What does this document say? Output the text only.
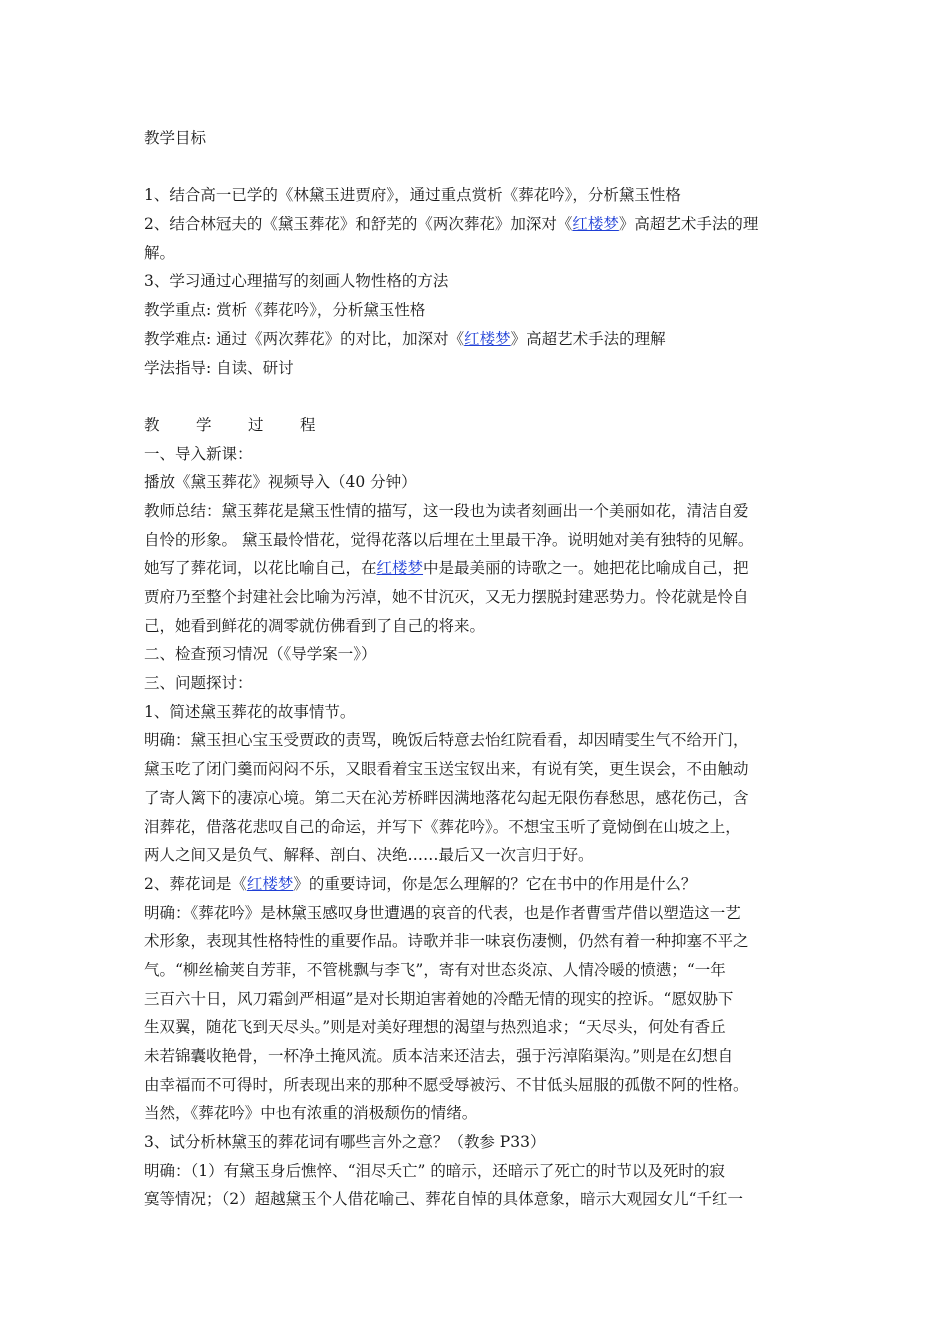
教学目标
1、结合高一已学的《林黛玉进贾府》，通过重点赏析《葬花吟》，分析黛玉性格
2、结合林冠夫的《黛玉葬花》和舒芜的《两次葬花》加深对《红楼梦》高超艺术手法的理
解。
3、学习通过心理描写的刻画人物性格的方法
教学重点: 赏析《葬花吟》，分析黛玉性格
教学难点: 通过《两次葬花》的对比，加深对《红楼梦》高超艺术手法的理解
学法指导: 自读、研讨
教 学 过 程
一、导入新课：
播放《黛玉葬花》视频导入（40 分钟）
教师总结：黛玉葬花是黛玉性情的描写，这一段也为读者刻画出一个美丽如花，清洁自爱
自怜的形象。 黛玉最怜惜花，觉得花落以后埋在土里最干净。说明她对美有独特的见解。
她写了葬花词，以花比喻自己，在红楼梦中是最美丽的诗歌之一。她把花比喻成自己，把
贾府乃至整个封建社会比喻为污淖，她不甘沉灭，又无力摆脱封建恶势力。怜花就是怜自
己，她看到鲜花的凋零就仿佛看到了自己的将来。
二、检查预习情况（《导学案一》）
三、问题探讨：
1、简述黛玉葬花的故事情节。
明确：黛玉担心宝玉受贾政的责骂，晚饭后特意去怡红院看看，却因晴雯生气不给开门，
黛玉吃了闭门羹而闷闷不乐，又眼看着宝玉送宝钗出来，有说有笑，更生误会，不由触动
了寄人篱下的凄凉心境。第二天在沁芳桥畔因满地落花勾起无限伤春愁思，感花伤己，含
泪葬花，借落花悲叹自己的命运，并写下《葬花吟》。不想宝玉听了竟恸倒在山坡之上，
两人之间又是负气、解释、剖白、决绝……最后又一次言归于好。
2、葬花词是《红楼梦》的重要诗词，你是怎么理解的？它在书中的作用是什么？
明确：《葬花吟》是林黛玉感叹身世遭遇的哀音的代表，也是作者曹雪芹借以塑造这一艺
术形象，表现其性格特性的重要作品。诗歌并非一味哀伤凄恻，仍然有着一种抑塞不平之
气。“柳丝榆荚自芳菲，不管桃飘与李飞”，寄有对世态炎凉、人情冷暖的愤懑；“一年
三百六十日，风刀霜剑严相逼”是对长期迫害着她的冷酷无情的现实的控诉。“愿奴胁下
生双翼，随花飞到天尽头。”则是对美好理想的渴望与热烈追求；“天尽头，何处有香丘
未若锦囊收艳骨，一杯净土掩风流。质本洁来还洁去，强于污淖陷渠沟。”则是在幻想自
由幸福而不可得时，所表现出来的那种不愿受辱被污、不甘低头屈服的孤傲不阿的性格。
当然，《葬花吟》中也有浓重的消极颓伤的情绪。
3、试分析林黛玉的葬花词有哪些言外之意？（教参 P33）
明确：（1）有黛玉身后憔悴、“泪尽夭亡” 的暗示，还暗示了死亡的时节以及死时的寂
寞等情况；（2）超越黛玉个人借花喻己、葬花自悼的具体意象，暗示大观园女儿“千红一
